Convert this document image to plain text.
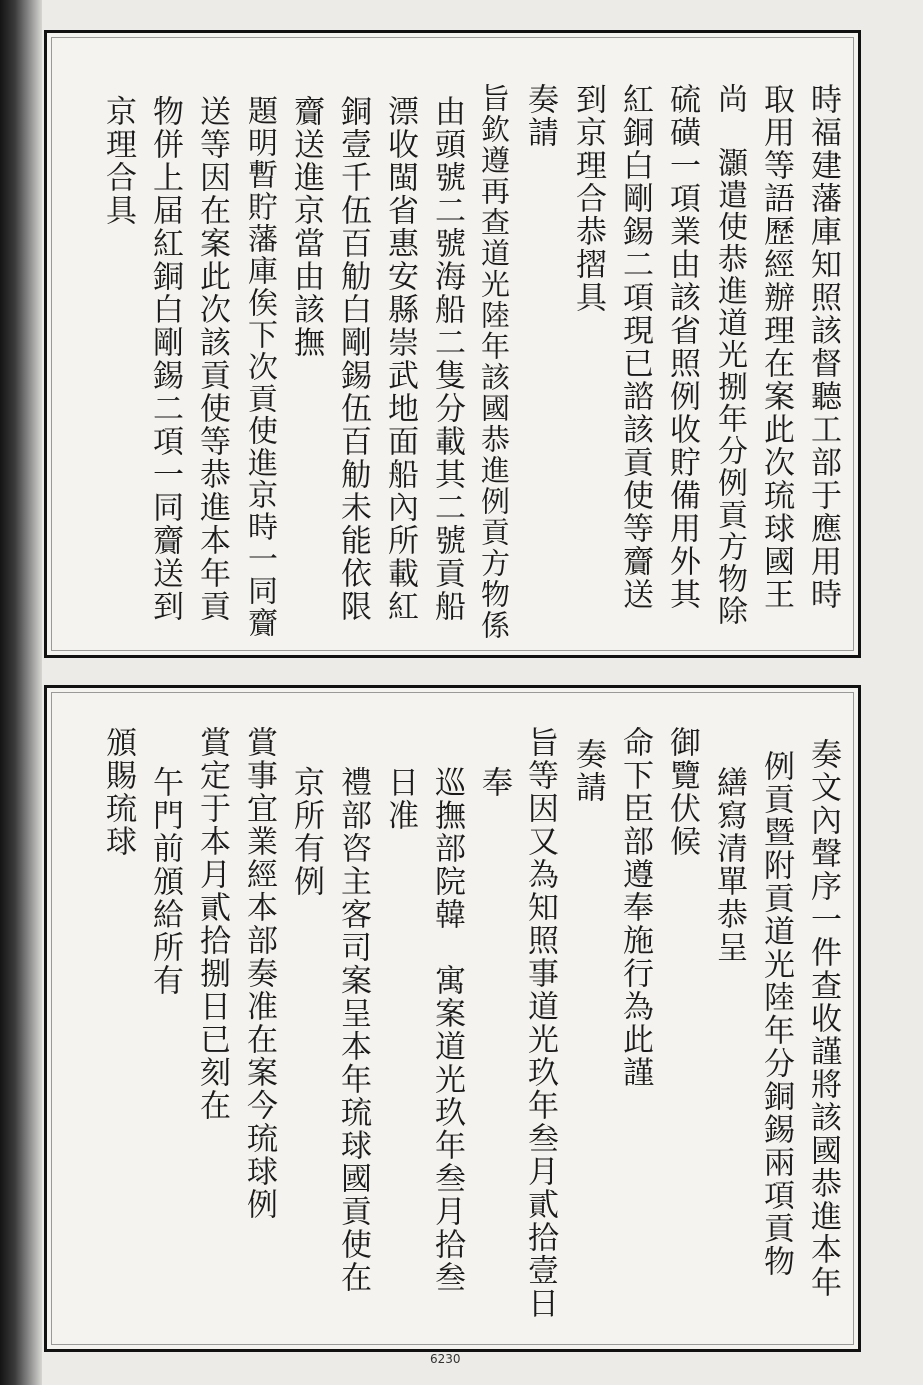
時福建藩庫知照該督聽工部于應用時
取用等語歷經辦理在案此次琉球國王
尚　灝遣使恭進道光捌年分例貢方物除
硫磺一項業由該省照例收貯備用外其
紅銅白剛錫二項現已諮該貢使等齎送
到京理合恭摺具
奏請
旨欽遵再查道光陸年該國恭進例貢方物係
由頭號二號海船二隻分載其二號貢船
漂收閩省惠安縣崇武地面船內所載紅
銅壹千伍百觔白剛錫伍百觔未能依限
齎送進京當由該撫
題明暫貯藩庫俟下次貢使進京時一同齎
送等因在案此次該貢使等恭進本年貢
物併上届紅銅白剛錫二項一同齎送到
京理合具
奏文內聲序一件查收謹將該國恭進本年
例貢暨附貢道光陸年分銅錫兩項貢物
繕寫清單恭呈
御覽伏候
命下臣部遵奉施行為此謹
奏請
旨等因又為知照事道光玖年叁月貳拾壹日
奉
巡撫部院韓　寓案道光玖年叁月拾叁
日准
禮部咨主客司案呈本年琉球國貢使在
京所有例
賞事宜業經本部奏准在案今琉球例
賞定于本月貳拾捌日已刻在
午門前頒給所有
頒賜琉球
6230
